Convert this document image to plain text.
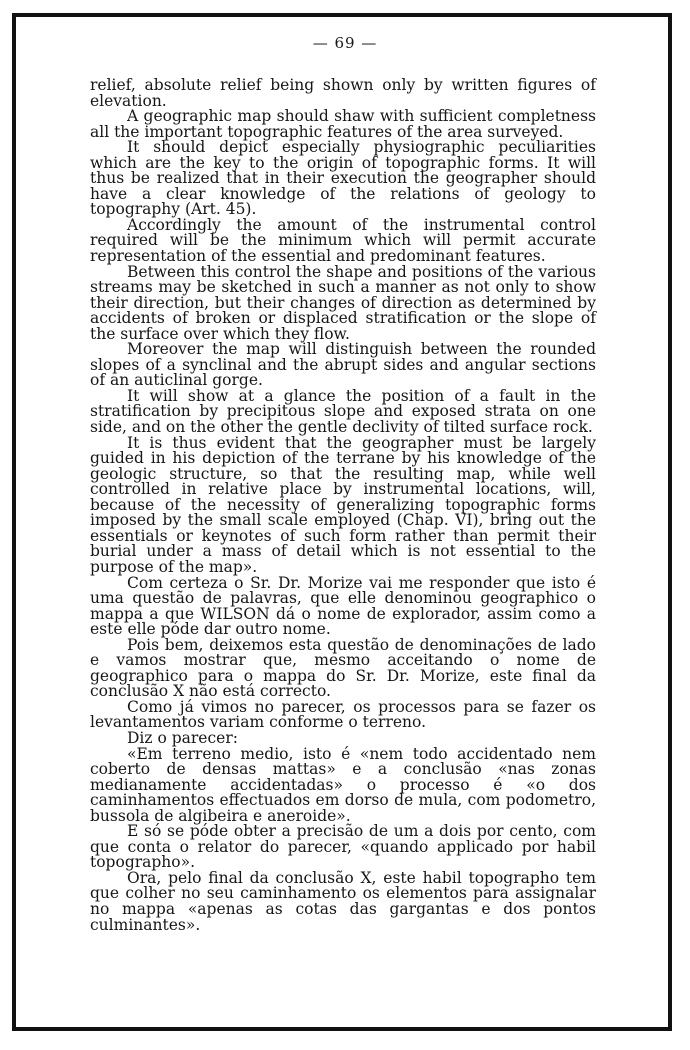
— 69 —

relief, absolute relief being shown only by written figures of elevation.

A geographic map should shaw with sufficient completness all the important topographic features of the area surveyed.

It should depict especially physiographic peculiarities which are the key to the origin of topographic forms. It will thus be realized that in their execution the geographer should have a clear knowledge of the relations of geology to topography (Art. 45).

Accordingly the amount of the instrumental control required will be the minimum which will permit accurate representation of the essential and predominant features.

Between this control the shape and positions of the various streams may be sketched in such a manner as not only to show their direction, but their changes of direction as determined by accidents of broken or displaced stratification or the slope of the surface over which they flow.

Moreover the map will distinguish between the rounded slopes of a synclinal and the abrupt sides and angular sections of an auticlinal gorge.

It will show at a glance the position of a fault in the stratification by precipitous slope and exposed strata on one side, and on the other the gentle declivity of tilted surface rock.

It is thus evident that the geographer must be largely guided in his depiction of the terrane by his knowledge of the geologic structure, so that the resulting map, while well controlled in relative place by instrumental locations, will, because of the necessity of generalizing topographic forms imposed by the small scale employed (Chap. VI), bring out the essentials or keynotes of such form rather than permit their burial under a mass of detail which is not essential to the purpose of the map».

Com certeza o Sr. Dr. Morize vai me responder que isto é uma questão de palavras, que elle denominou geographico o mappa a que WILSON dá o nome de explorador, assim como a este elle póde dar outro nome.

Pois bem, deixemos esta questão de denominações de lado e vamos mostrar que, mesmo acceitando o nome de geographico para o mappa do Sr. Dr. Morize, este final da conclusão X não está correcto.

Como já vimos no parecer, os processos para se fazer os levantamentos variam conforme o terreno.

Diz o parecer:

«Em terreno medio, isto é «nem todo accidentado nem coberto de densas mattas» e a conclusão «nas zonas medianamente accidentadas» o processo é «o dos caminhamentos effectuados em dorso de mula, com podometro, bussola de algibeira e aneroide».

E só se póde obter a precisão de um a dois por cento, com que conta o relator do parecer, «quando applicado por habil topographo».

Ora, pelo final da conclusão X, este habil topographo tem que colher no seu caminhamento os elementos para assignalar no mappa «apenas as cotas das gargantas e dos pontos culminantes».
